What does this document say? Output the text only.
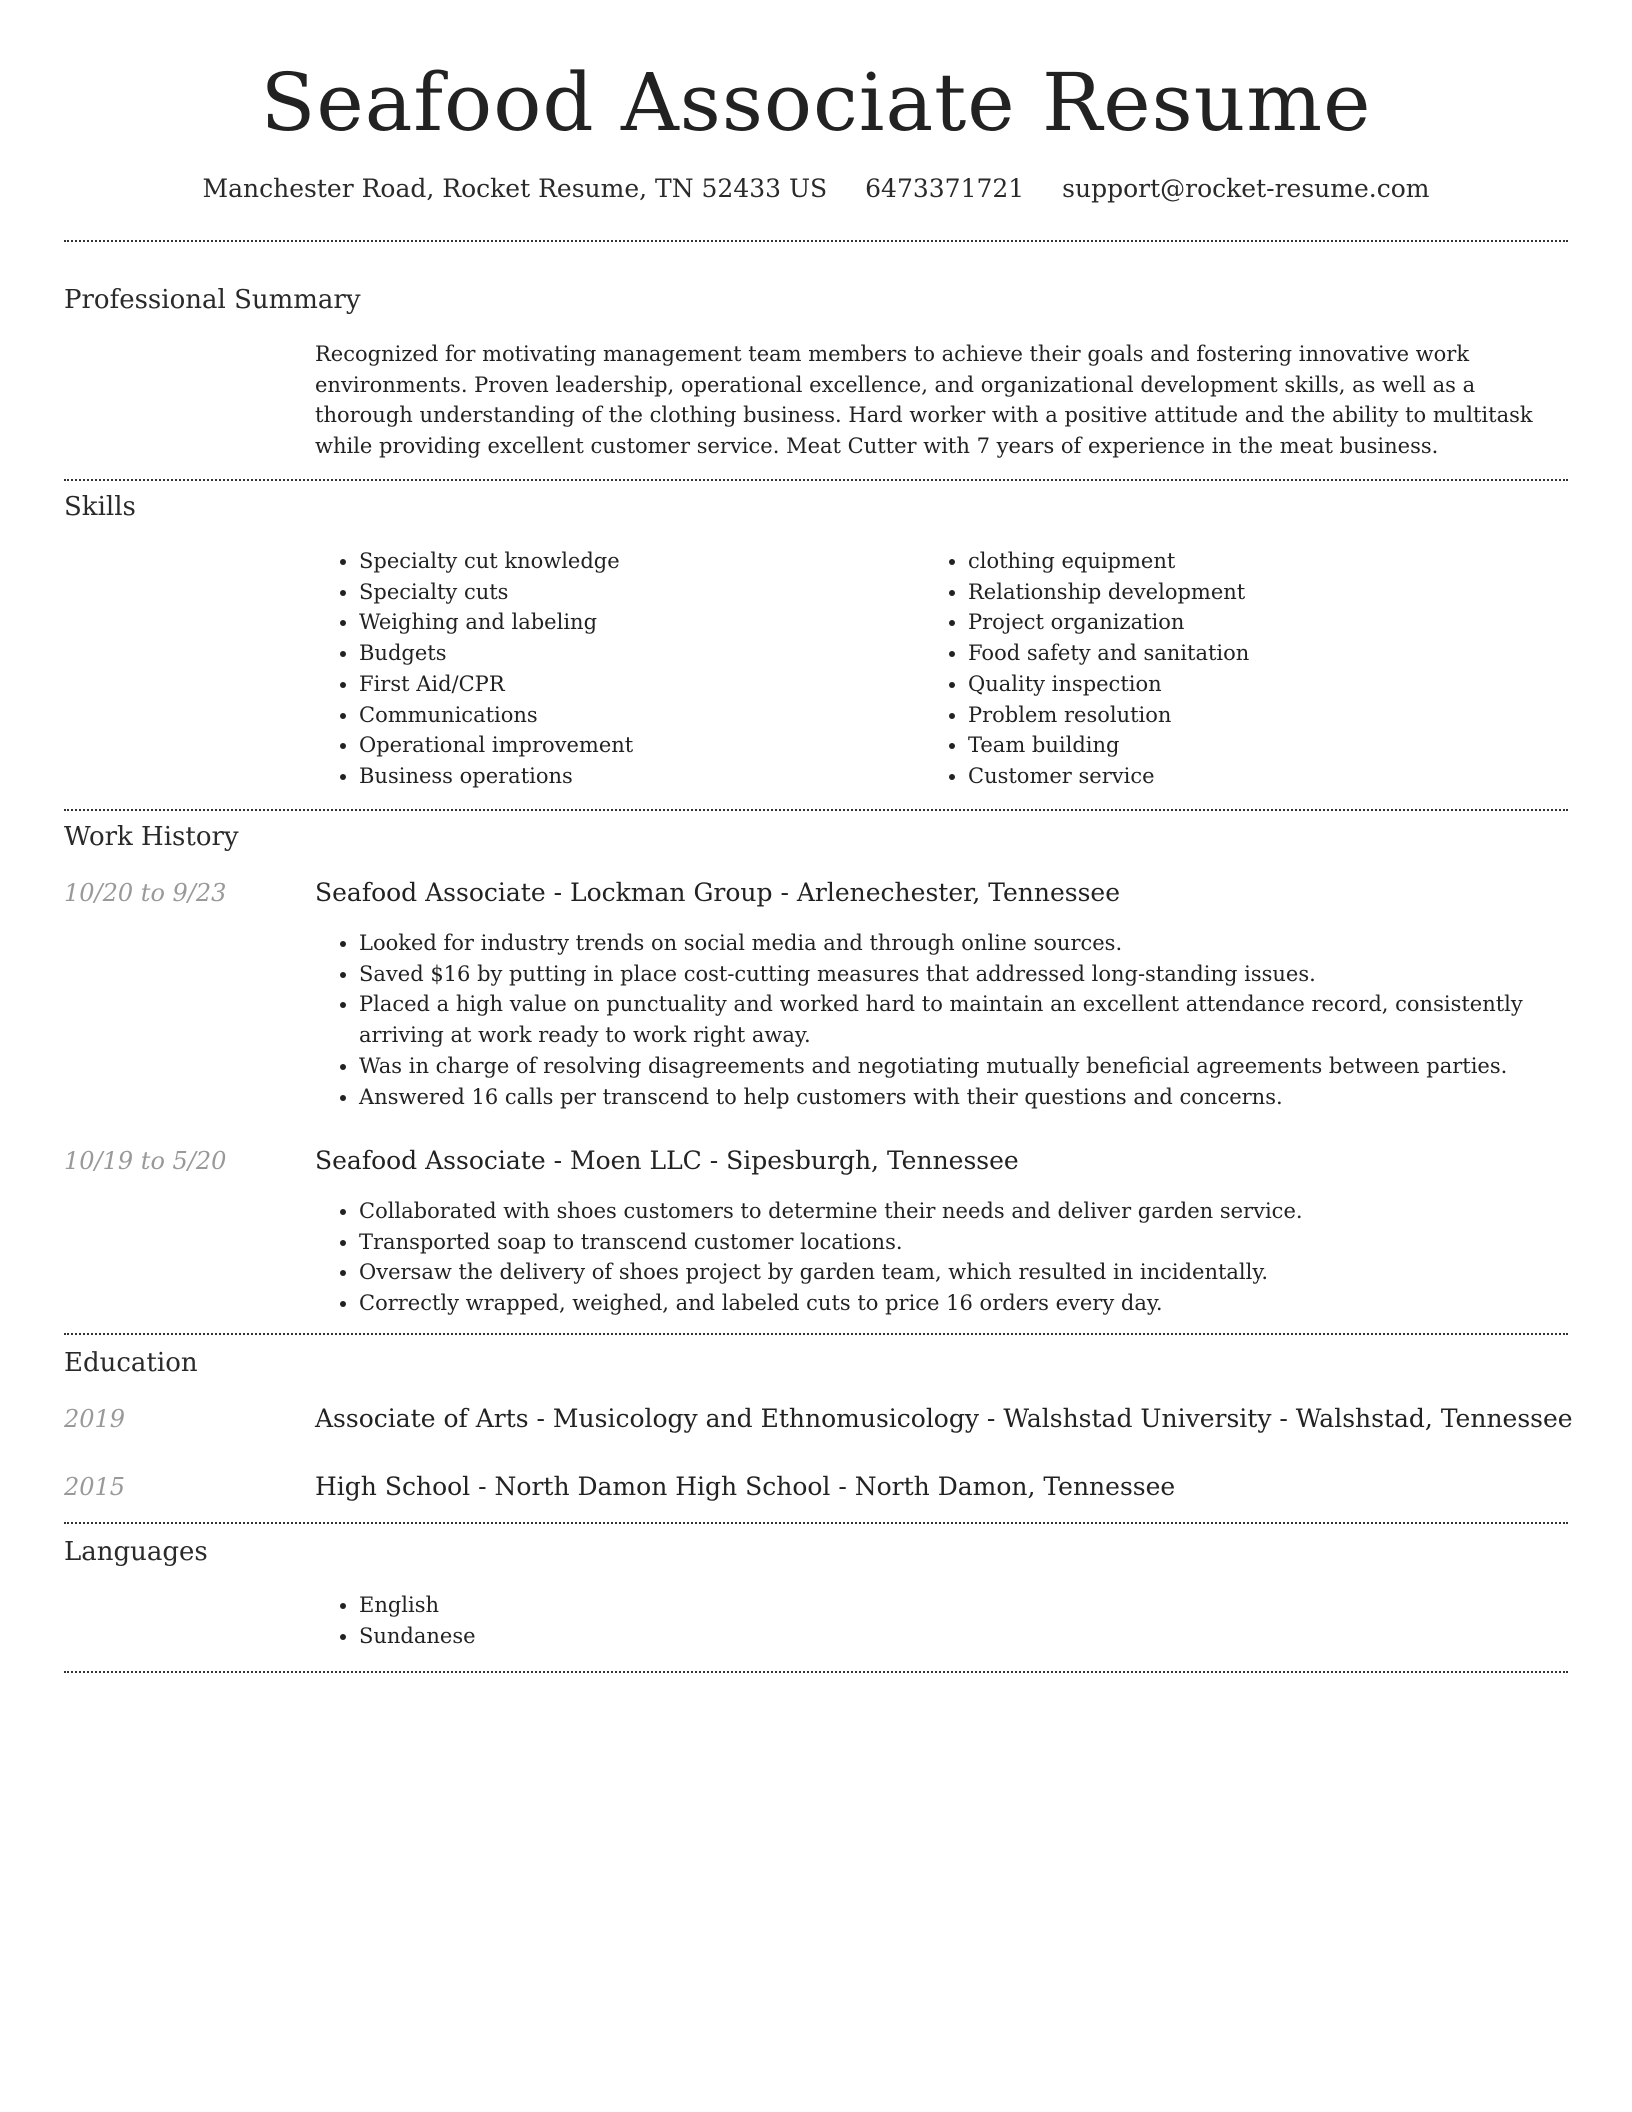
Seafood Associate Resume
Manchester Road, Rocket Resume, TN 52433 US 6473371721 support@rocket-resume.com
Professional Summary
Recognized for motivating management team members to achieve their goals and fostering innovative work environments. Proven leadership, operational excellence, and organizational development skills, as well as a thorough understanding of the clothing business. Hard worker with a positive attitude and the ability to multitask while providing excellent customer service. Meat Cutter with 7 years of experience in the meat business.
Skills
• Specialty cut knowledge
• Specialty cuts
• Weighing and labeling
• Budgets
• First Aid/CPR
• Communications
• Operational improvement
• Business operations
• clothing equipment
• Relationship development
• Project organization
• Food safety and sanitation
• Quality inspection
• Problem resolution
• Team building
• Customer service
Work History
10/20 to 9/23	Seafood Associate - Lockman Group - Arlenechester, Tennessee
• Looked for industry trends on social media and through online sources.
• Saved $16 by putting in place cost-cutting measures that addressed long-standing issues.
• Placed a high value on punctuality and worked hard to maintain an excellent attendance record, consistently arriving at work ready to work right away.
• Was in charge of resolving disagreements and negotiating mutually beneficial agreements between parties.
• Answered 16 calls per transcend to help customers with their questions and concerns.
10/19 to 5/20	Seafood Associate - Moen LLC - Sipesburgh, Tennessee
• Collaborated with shoes customers to determine their needs and deliver garden service.
• Transported soap to transcend customer locations.
• Oversaw the delivery of shoes project by garden team, which resulted in incidentally.
• Correctly wrapped, weighed, and labeled cuts to price 16 orders every day.
Education
2019	Associate of Arts - Musicology and Ethnomusicology - Walshstad University - Walshstad, Tennessee
2015	High School - North Damon High School - North Damon, Tennessee
Languages
• English
• Sundanese
